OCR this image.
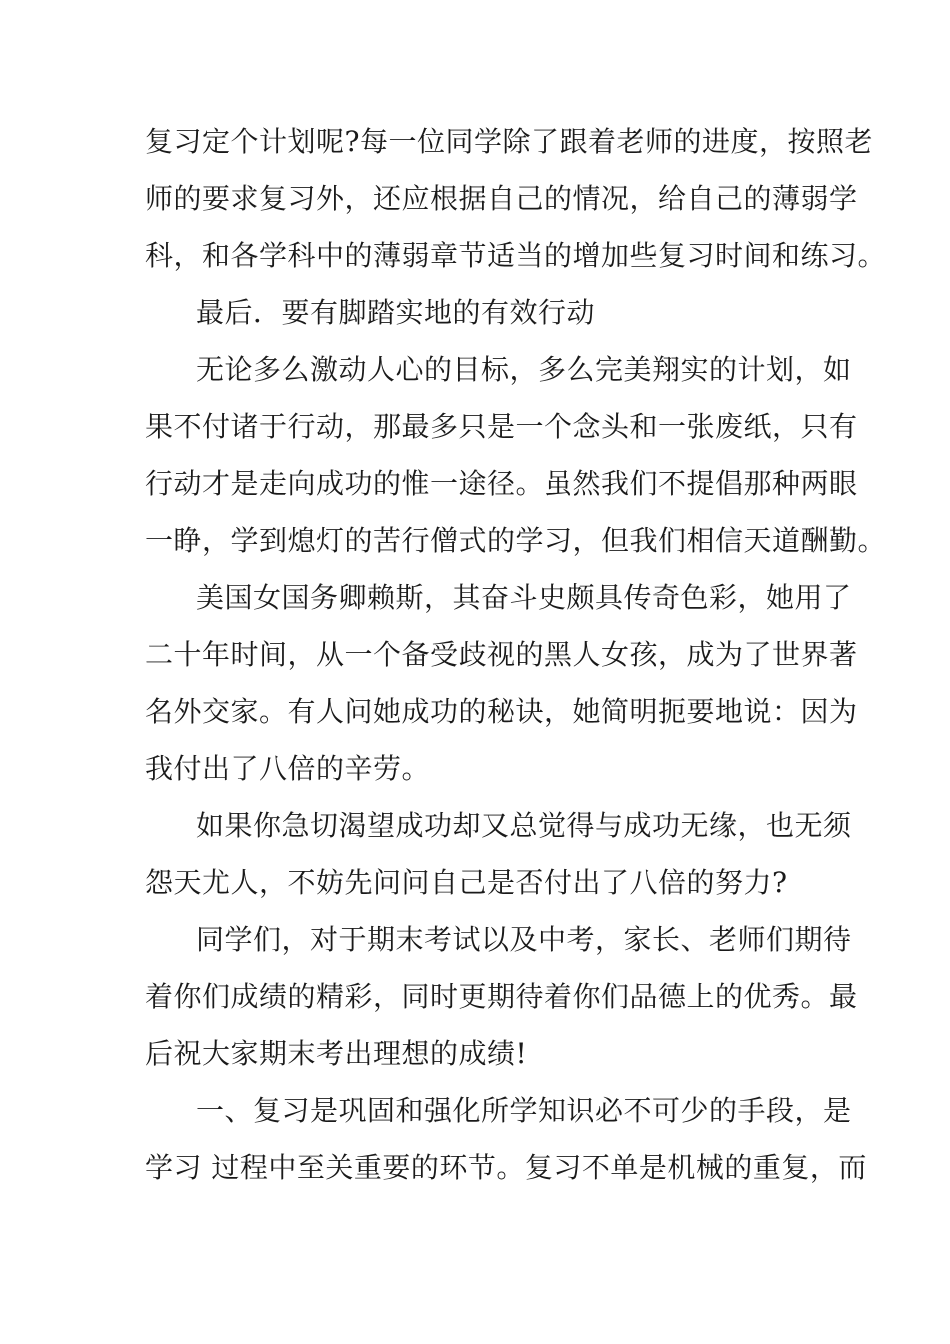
复习定个计划呢?每一位同学除了跟着老师的进度，按照老

师的要求复习外，还应根据自己的情况，给自己的薄弱学

科，和各学科中的薄弱章节适当的增加些复习时间和练习。

最后．要有脚踏实地的有效行动

无论多么激动人心的目标，多么完美翔实的计划，如

果不付诸于行动，那最多只是一个念头和一张废纸，只有

行动才是走向成功的惟一途径。虽然我们不提倡那种两眼

一睁，学到熄灯的苦行僧式的学习，但我们相信天道酬勤。

美国女国务卿赖斯，其奋斗史颇具传奇色彩，她用了

二十年时间，从一个备受歧视的黑人女孩，成为了世界著

名外交家。有人问她成功的秘诀，她简明扼要地说：因为

我付出了八倍的辛劳。

如果你急切渴望成功却又总觉得与成功无缘，也无须

怨天尤人，不妨先问问自己是否付出了八倍的努力?

同学们，对于期末考试以及中考，家长、老师们期待

着你们成绩的精彩，同时更期待着你们品德上的优秀。最

后祝大家期末考出理想的成绩!

一、复习是巩固和强化所学知识必不可少的手段，是

学习 过程中至关重要的环节。复习不单是机械的重复，而
